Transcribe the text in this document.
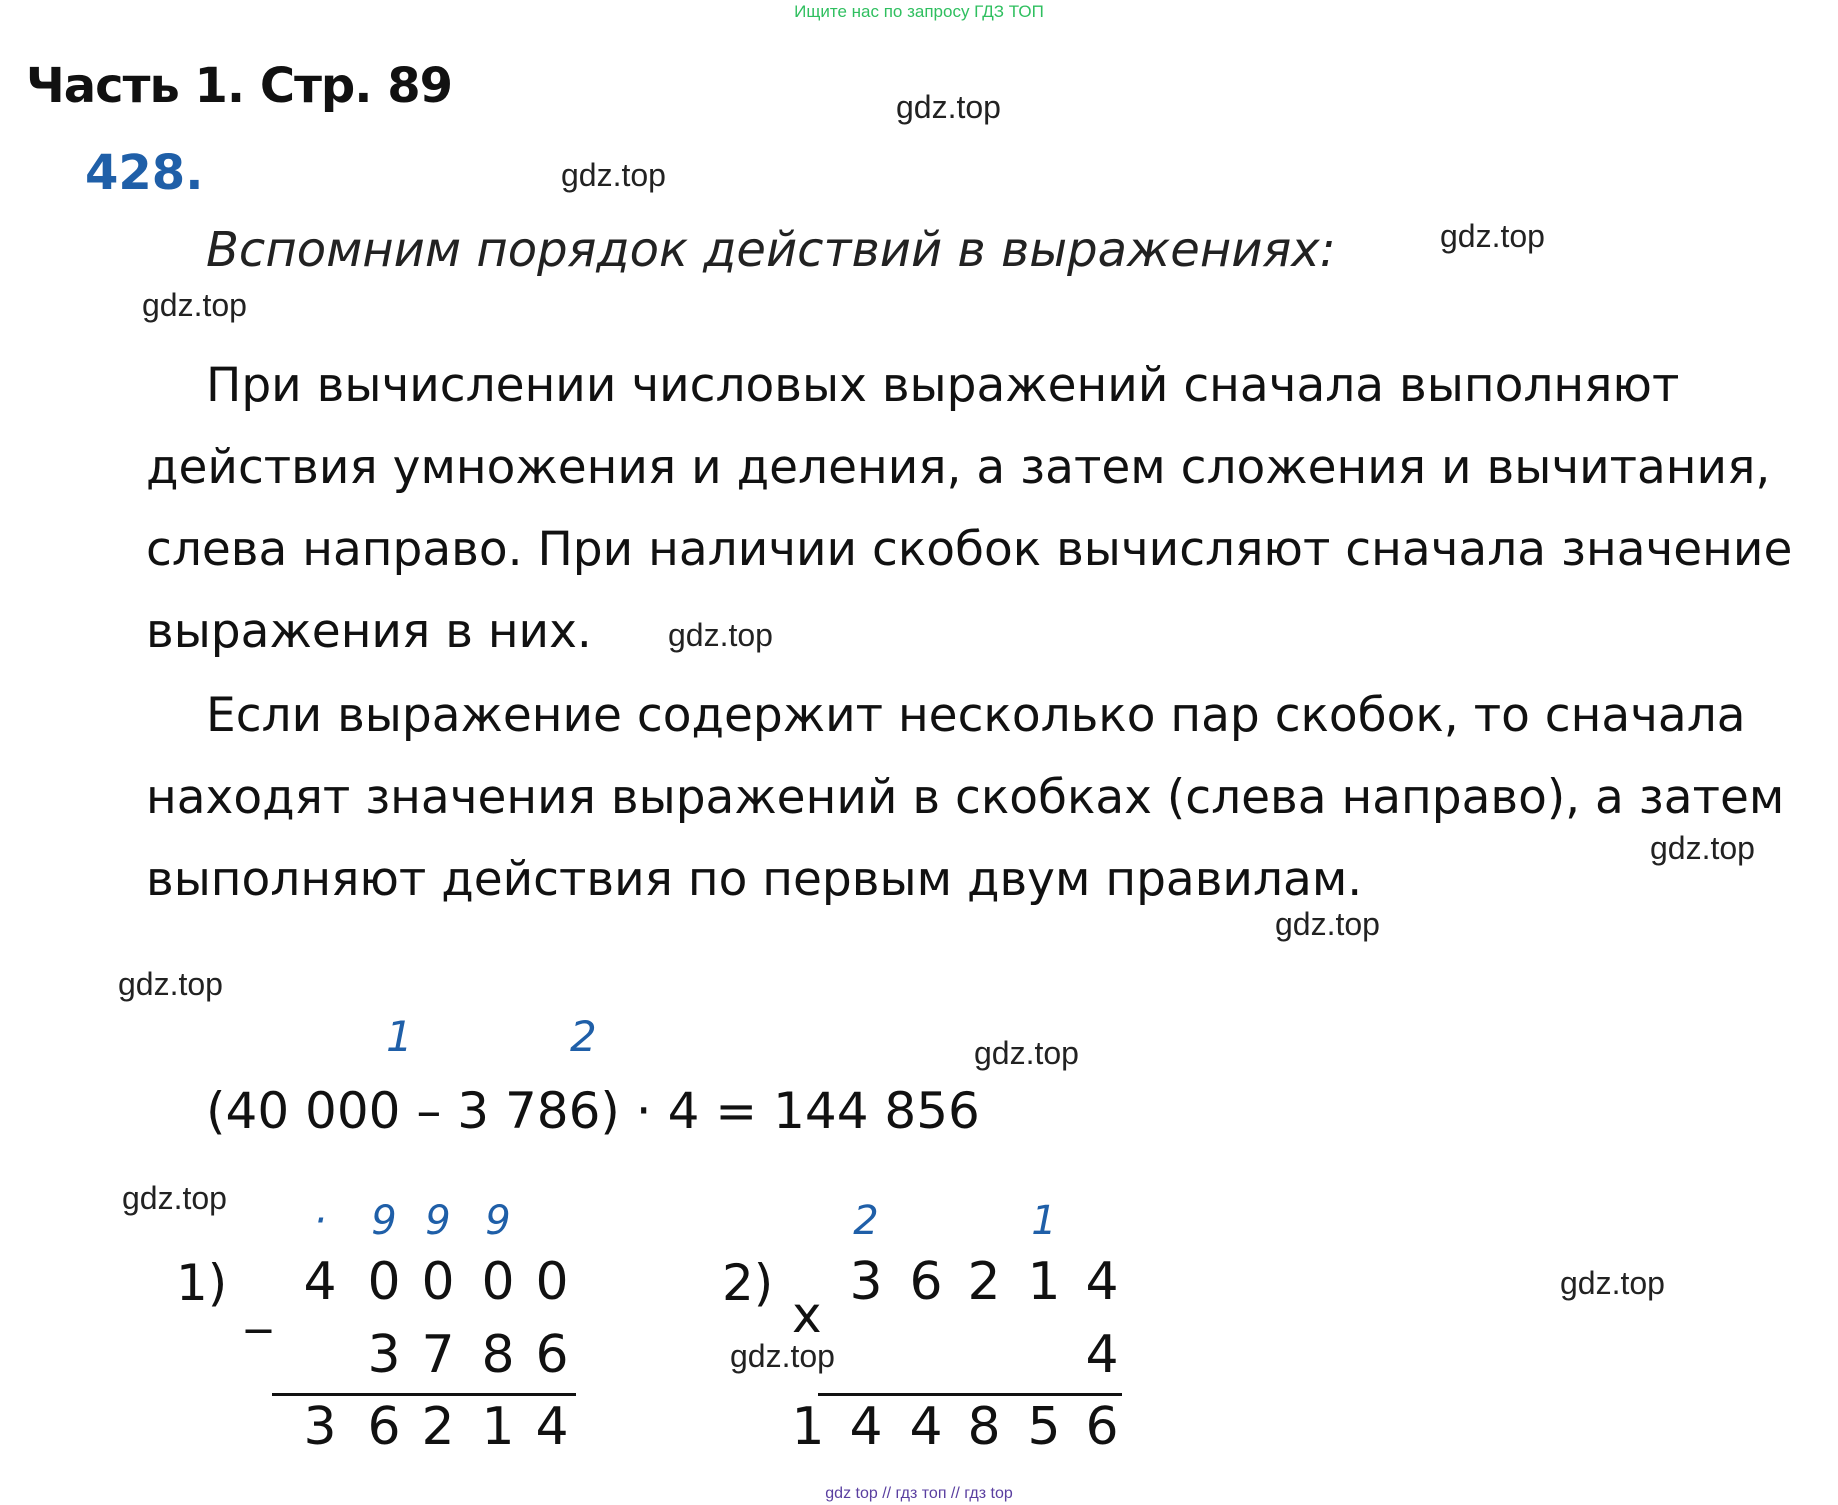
Ищите нас по запросу ГДЗ ТОП
Часть 1. Стр. 89
428.
Вспомним порядок действий в выражениях:
При вычислении числовых выражений сначала выполняют
действия умножения и деления, а затем сложения и вычитания,
слева направо. При наличии скобок вычисляют сначала значение
выражения в них.
Если выражение содержит несколько пар скобок, то сначала
находят значения выражений в скобках (слева направо), а затем
выполняют действия по первым двум правилам.
gdz.top
gdz.top
gdz.top
gdz.top
gdz.top
gdz.top
gdz.top
gdz.top
gdz.top
gdz.top
gdz.top
gdz.top
1	2
(40 000 – 3 786) · 4 = 144 856
1) _
·	9 9 9
4 0 0 0 0
3 7 8 6
3 6 2 1 4
2)
x
2	1
3 6 2 1 4
4
1 4 4 8 5 6
gdz top // гдз топ // гдз top
